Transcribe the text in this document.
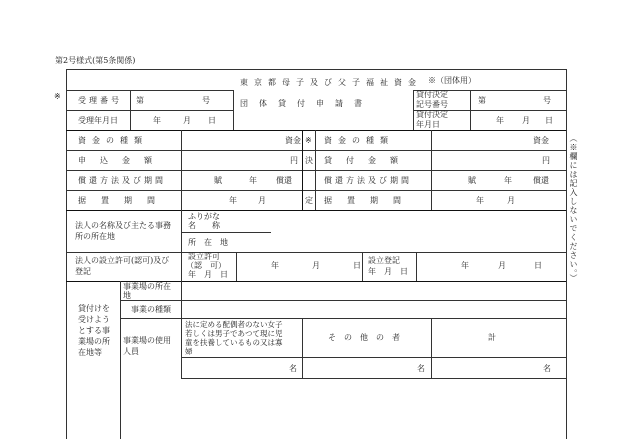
第2号様式(第5条関係)
東京都母子及び父子福祉資金
団体貸付申請書
※（団体用）
※ 受理番号 第	号
受理年月日	年	月 日
貸付決定
記号番号	第	号
貸付決定
年月日	年 月 日
資金の種類	資金
申込金額	円
償還方法及び期間	賦	年 償還
据置期間	年	月
※
決
定
資金の種類	資金
貸付金額	円
償還方法及び期間	賦	年	償還
据置期間	年	月
法人の名称及び主たる事務
所の所在地
ふりがな
名　　称
所　在　地
法人の設立許可(認可)及び
登記
設立許可
（認　可）
年　月　日
年	月	日
設立登記
年　月　日
年	月	日
貸付けを
受けよう
とする事
業場の所
在地等
事業場の所在
地
事業の種類
事業場の使用
人員
法に定める配偶者のない女子
若しくは男子であつて現に児
童を扶養しているもの又は寡
婦
その他の者	計
名	名	名
（※欄には記入しないでください。）
